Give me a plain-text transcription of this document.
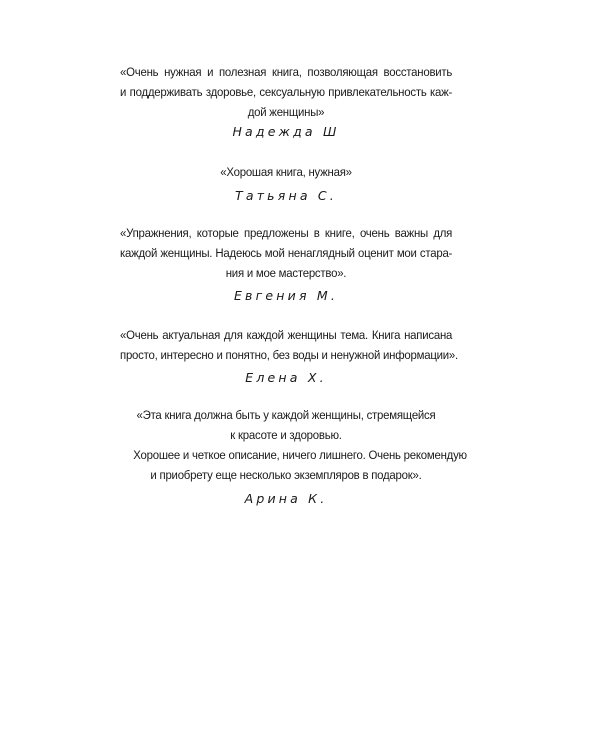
«Очень нужная и полезная книга, позволяющая восстановить
и поддерживать здоровье, сексуальную привлекательность каж-
дой женщины»
Надежда Ш
«Хорошая книга, нужная»
Татьяна С.
«Упражнения, которые предложены в книге, очень важны для
каждой женщины. Надеюсь мой ненаглядный оценит мои стара-
ния и мое мастерство».
Евгения М.
«Очень актуальная для каждой женщины тема. Книга написана
просто, интересно и понятно, без воды и ненужной информации».
Елена Х.
«Эта книга должна быть у каждой женщины, стремящейся
к красоте и здоровью.
Хорошее и четкое описание, ничего лишнего. Очень рекомендую
и приобрету еще несколько экземпляров в подарок».
Арина К.
